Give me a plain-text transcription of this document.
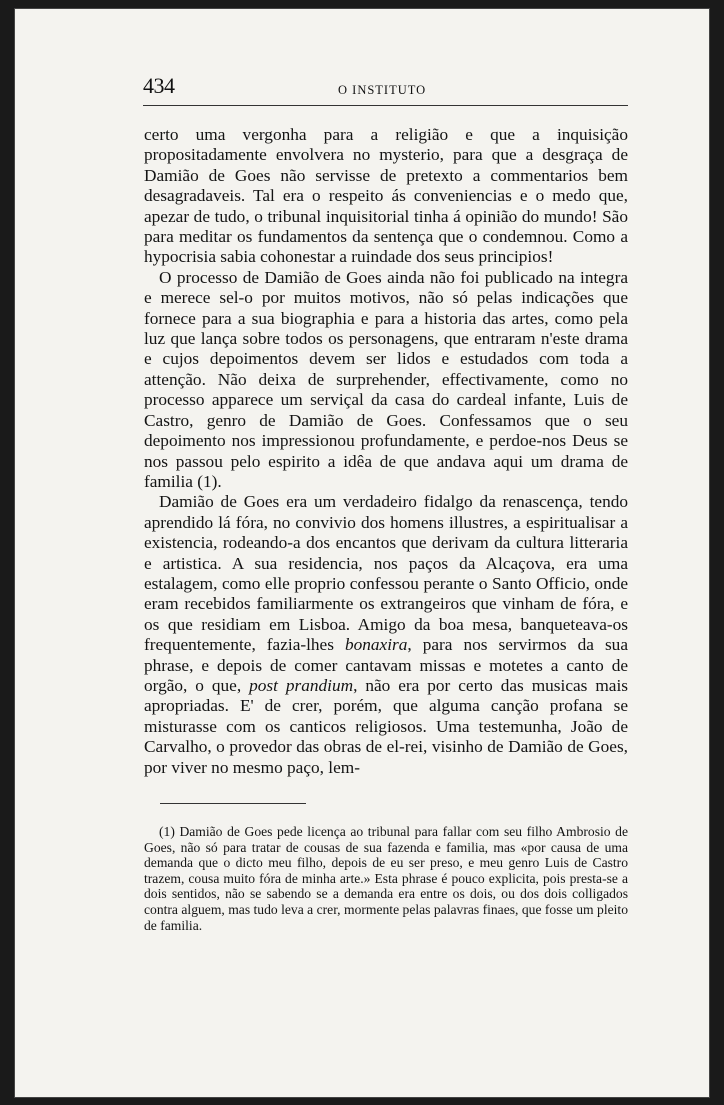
434	O INSTITUTO

certo uma vergonha para a religião e que a inquisição propositadamente envolvera no mysterio, para que a desgraça de Damião de Goes não servisse de pretexto a commentarios bem desagradaveis. Tal era o respeito ás conveniencias e o medo que, apezar de tudo, o tribunal inquisitorial tinha á opinião do mundo! São para meditar os fundamentos da sentença que o condemnou. Como a hypocrisia sabia cohonestar a ruindade dos seus principios!

O processo de Damião de Goes ainda não foi publicado na integra e merece sel-o por muitos motivos, não só pelas indicações que fornece para a sua biographia e para a historia das artes, como pela luz que lança sobre todos os personagens, que entraram n'este drama e cujos depoimentos devem ser lidos e estudados com toda a attenção. Não deixa de surprehender, effectivamente, como no processo apparece um serviçal da casa do cardeal infante, Luis de Castro, genro de Damião de Goes. Confessamos que o seu depoimento nos impressionou profundamente, e perdoe-nos Deus se nos passou pelo espirito a idêa de que andava aqui um drama de familia (1).

Damião de Goes era um verdadeiro fidalgo da renascença, tendo aprendido lá fóra, no convivio dos homens illustres, a espiritualisar a existencia, rodeando-a dos encantos que derivam da cultura litteraria e artistica. A sua residencia, nos paços da Alcaçova, era uma estalagem, como elle proprio confessou perante o Santo Officio, onde eram recebidos familiarmente os extrangeiros que vinham de fóra, e os que residiam em Lisboa. Amigo da boa mesa, banqueteava-os frequentemente, fazia-lhes bonaxira, para nos servirmos da sua phrase, e depois de comer cantavam missas e motetes a canto de orgão, o que, post prandium, não era por certo das musicas mais apropriadas. E' de crer, porém, que alguma canção profana se misturasse com os canticos religiosos. Uma testemunha, João de Carvalho, o provedor das obras de el-rei, visinho de Damião de Goes, por viver no mesmo paço, lem-

(1) Damião de Goes pede licença ao tribunal para fallar com seu filho Ambrosio de Goes, não só para tratar de cousas de sua fazenda e familia, mas «por causa de uma demanda que o dicto meu filho, depois de eu ser preso, e meu genro Luis de Castro trazem, cousa muito fóra de minha arte.» Esta phrase é pouco explicita, pois presta-se a dois sentidos, não se sabendo se a demanda era entre os dois, ou dos dois colligados contra alguem, mas tudo leva a crer, mormente pelas palavras finaes, que fosse um pleito de familia.
